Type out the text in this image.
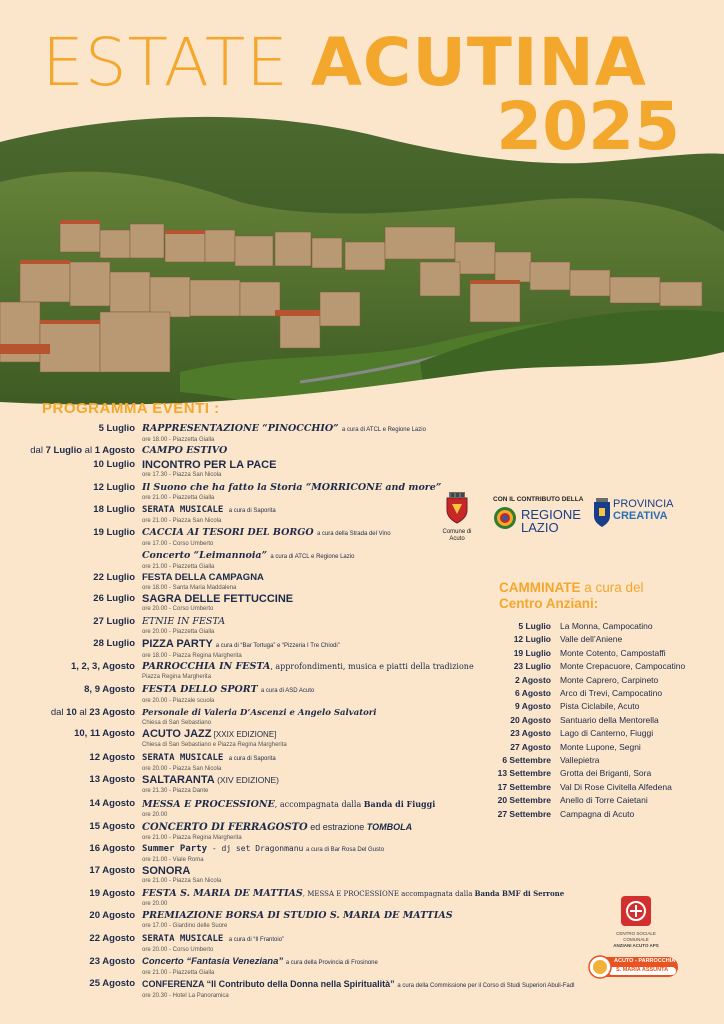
ESTATE ACUTINA
2025
PROGRAMMA EVENTI :
5 Luglio RAPPRESENTAZIONE “PINOCCHIO” a cura di ATCL e Regione Lazio
ore 18.00 - Piazzetta Gialla
dal 7 Luglio al 1 Agosto CAMPO ESTIVO
10 Luglio INCONTRO PER LA PACE
ore 17.30 - Piazza San Nicola
12 Luglio Il Suono che ha fatto la Storia “MORRICONE and more”
ore 21.00 - Piazzetta Gialla
18 Luglio SERATA MUSICALE a cura di Saporita
ore 21.00 - Piazza San Nicola
19 Luglio CACCIA AI TESORI DEL BORGO a cura della Strada del Vino
ore 17.00 - Corso Umberto
Concerto “Leimannoia” a cura di ATCL e Regione Lazio
ore 21.00 - Piazzetta Gialla
22 Luglio FESTA DELLA CAMPAGNA
ore 18.00 - Santa Maria Maddalena
26 Luglio SAGRA DELLE FETTUCCINE
ore 20.00 - Corso Umberto
27 Luglio ETNIE IN FESTA
ore 20.00 - Piazzetta Gialla
28 Luglio PIZZA PARTY a cura di “Bar Tortuga” e “Pizzeria I Tre Chiodi”
ore 18.00 - Piazza Regina Margherita
1, 2, 3, Agosto PARROCCHIA IN FESTA, approfondimenti, musica e piatti della tradizione
Piazza Regina Margherita
8, 9 Agosto FESTA DELLO SPORT a cura di ASD Acuto
ore 20.00 - Piazzale scuola
dal 10 al 23 Agosto Personale di Valeria D’Ascenzi e Angelo Salvatori
Chiesa di San Sebastiano
10, 11 Agosto ACUTO JAZZ [XXIX EDIZIONE]
Chiesa di San Sebastiano e Piazza Regina Margherita
12 Agosto SERATA MUSICALE a cura di Saporita
ore 20.00 - Piazza San Nicola
13 Agosto SALTARANTA (XIV EDIZIONE)
ore 21.30 - Piazza Dante
14 Agosto MESSA E PROCESSIONE, accompagnata dalla Banda di Fiuggi
ore 20.00
15 Agosto CONCERTO DI FERRAGOSTO ed estrazione TOMBOLA
ore 21.00 - Piazza Regina Margherita
16 Agosto Summer Party - dj set Dragonmanu a cura di Bar Rosa Del Gusto
ore 21.00 - Viale Roma
17 Agosto SONORA
ore 21.00 - Piazza San Nicola
19 Agosto FESTA S. MARIA DE MATTIAS, MESSA E PROCESSIONE accompagnata dalla Banda BMF di Serrone
ore 20.00
20 Agosto PREMIAZIONE BORSA DI STUDIO S. MARIA DE MATTIAS
ore 17.00 - Giardino delle Suore
22 Agosto SERATA MUSICALE a cura di “Il Frantoio”
ore 20.00 - Corso Umberto
23 Agosto Concerto “Fantasia Veneziana” a cura della Provincia di Frosinone
ore 21.00 - Piazzetta Gialla
25 Agosto CONFERENZA “Il Contributo della Donna nella Spiritualità” a cura della Commissione per il Corso di Studi Superiori Abuli-Fadl
ore 20.30 - Hotel La Panoramica
Comune di Acuto
CON IL CONTRIBUTO DELLA
REGIONE
LAZIO
PROVINCIA
CREATIVA
CAMMINATE a cura del
Centro Anziani:
5 Luglio La Monna, Campocatino
12 Luglio Valle dell’Aniene
19 Luglio Monte Cotento, Campostaffi
23 Luglio Monte Crepacuore, Campocatino
2 Agosto Monte Caprero, Carpineto
6 Agosto Arco di Trevi, Campocatino
9 Agosto Pista Ciclabile, Acuto
20 Agosto Santuario della Mentorella
23 Agosto Lago di Canterno, Fiuggi
27 Agosto Monte Lupone, Segni
6 Settembre Vallepietra
13 Settembre Grotta dei Briganti, Sora
17 Settembre Val Di Rose Civitella Alfedena
20 Settembre Anello di Torre Caietani
27 Settembre Campagna di Acuto
CENTRO SOCIALE COMUNALE
ANZIANI ACUTO APS
ACUTO - PARROCCHIA
S. MARIA ASSUNTA
